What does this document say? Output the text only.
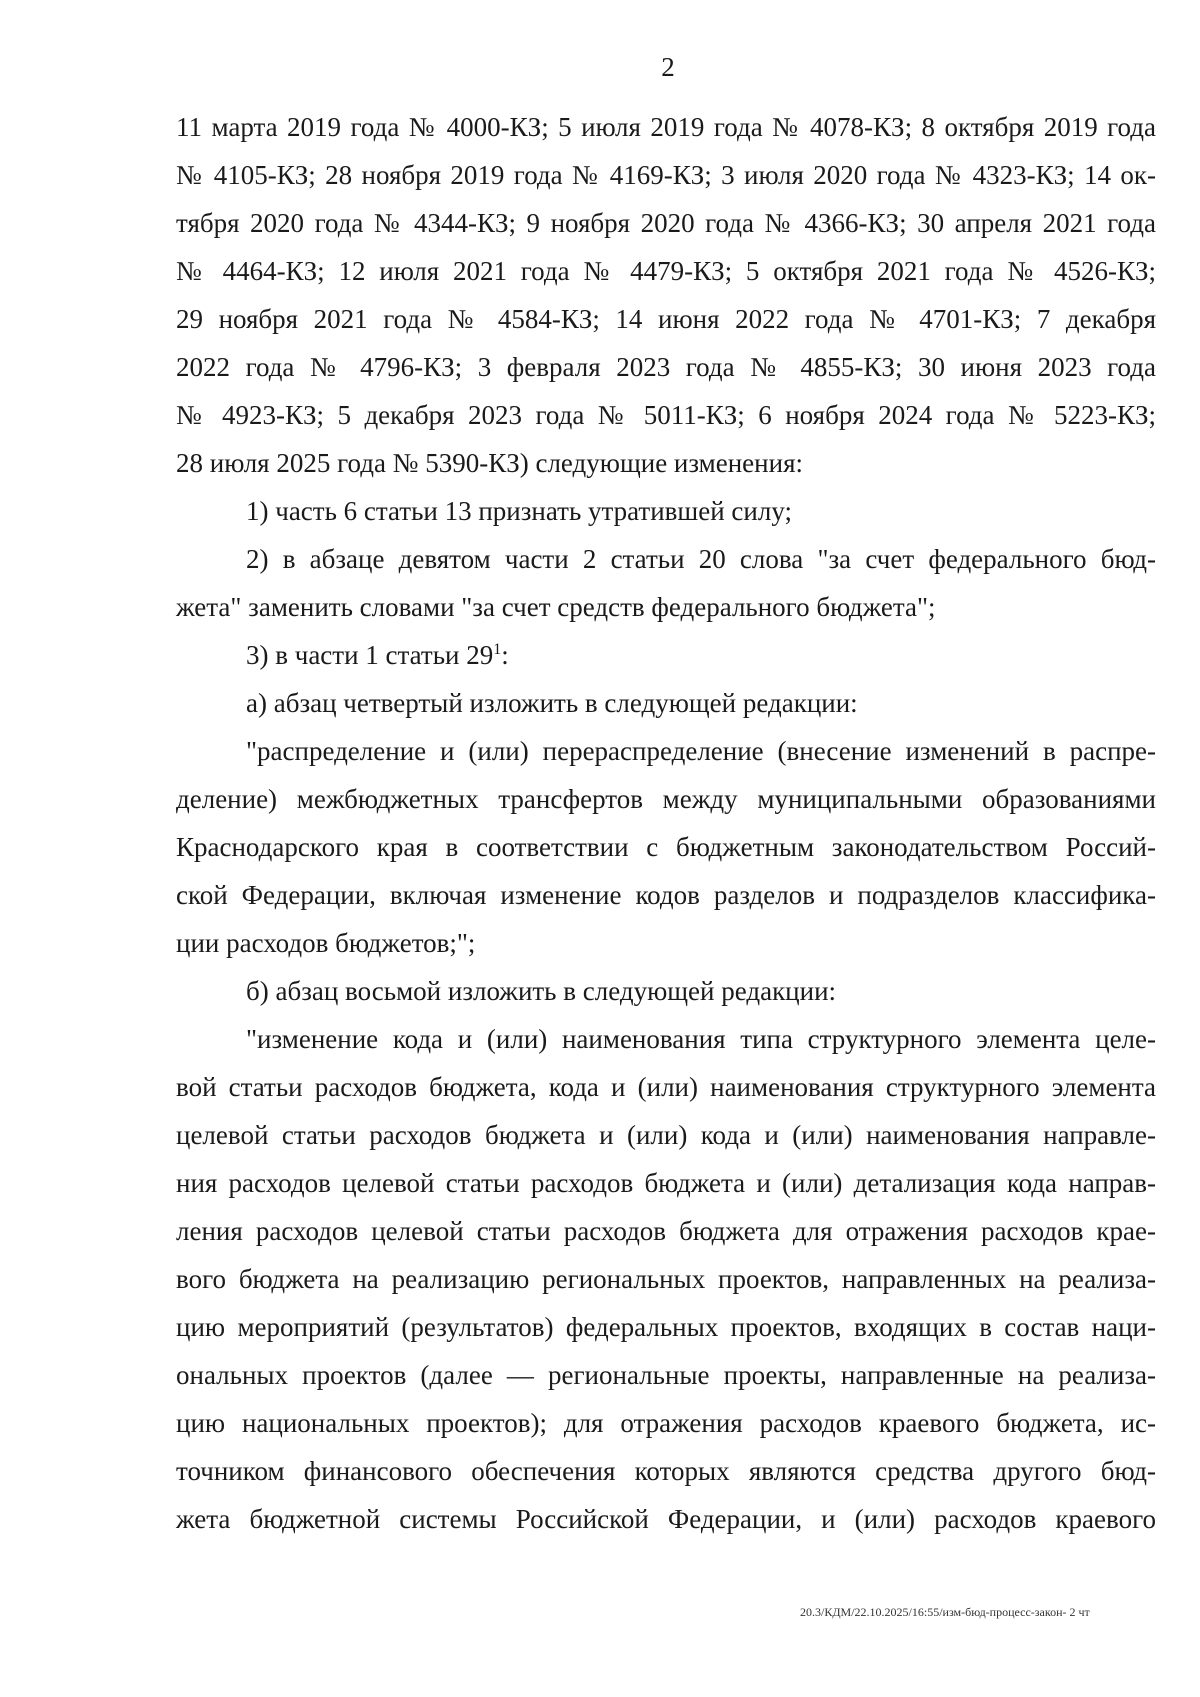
2
11 марта 2019 года № 4000-КЗ; 5 июля 2019 года № 4078-КЗ; 8 октября 2019 года
№ 4105-КЗ; 28 ноября 2019 года № 4169-КЗ; 3 июля 2020 года № 4323-КЗ; 14 ок-
тября 2020 года № 4344-КЗ; 9 ноября 2020 года № 4366-КЗ; 30 апреля 2021 года
№ 4464-КЗ; 12 июля 2021 года № 4479-КЗ; 5 октября 2021 года № 4526-КЗ;
29 ноября 2021 года № 4584-КЗ; 14 июня 2022 года № 4701-КЗ; 7 декабря
2022 года № 4796-КЗ; 3 февраля 2023 года № 4855-КЗ; 30 июня 2023 года
№ 4923-КЗ; 5 декабря 2023 года № 5011-КЗ; 6 ноября 2024 года № 5223-КЗ;
28 июля 2025 года № 5390-КЗ) следующие изменения:
1) часть 6 статьи 13 признать утратившей силу;
2) в абзаце девятом части 2 статьи 20 слова "за счет федерального бюд-
жета" заменить словами "за счет средств федерального бюджета";
3) в части 1 статьи $29^1$:
а) абзац четвертый изложить в следующей редакции:
"распределение и (или) перераспределение (внесение изменений в распре-
деление) межбюджетных трансфертов между муниципальными образованиями
Краснодарского края в соответствии с бюджетным законодательством Россий-
ской Федерации, включая изменение кодов разделов и подразделов классифика-
ции расходов бюджетов;";
б) абзац восьмой изложить в следующей редакции:
"изменение кода и (или) наименования типа структурного элемента целе-
вой статьи расходов бюджета, кода и (или) наименования структурного элемента
целевой статьи расходов бюджета и (или) кода и (или) наименования направле-
ния расходов целевой статьи расходов бюджета и (или) детализация кода направ-
ления расходов целевой статьи расходов бюджета для отражения расходов крае-
вого бюджета на реализацию региональных проектов, направленных на реализа-
цию мероприятий (результатов) федеральных проектов, входящих в состав наци-
ональных проектов (далее — региональные проекты, направленные на реализа-
цию национальных проектов); для отражения расходов краевого бюджета, ис-
точником финансового обеспечения которых являются средства другого бюд-
жета бюджетной системы Российской Федерации, и (или) расходов краевого
20.3/КДМ/22.10.2025/16:55/изм-бюд-процесс-закон- 2 чт
